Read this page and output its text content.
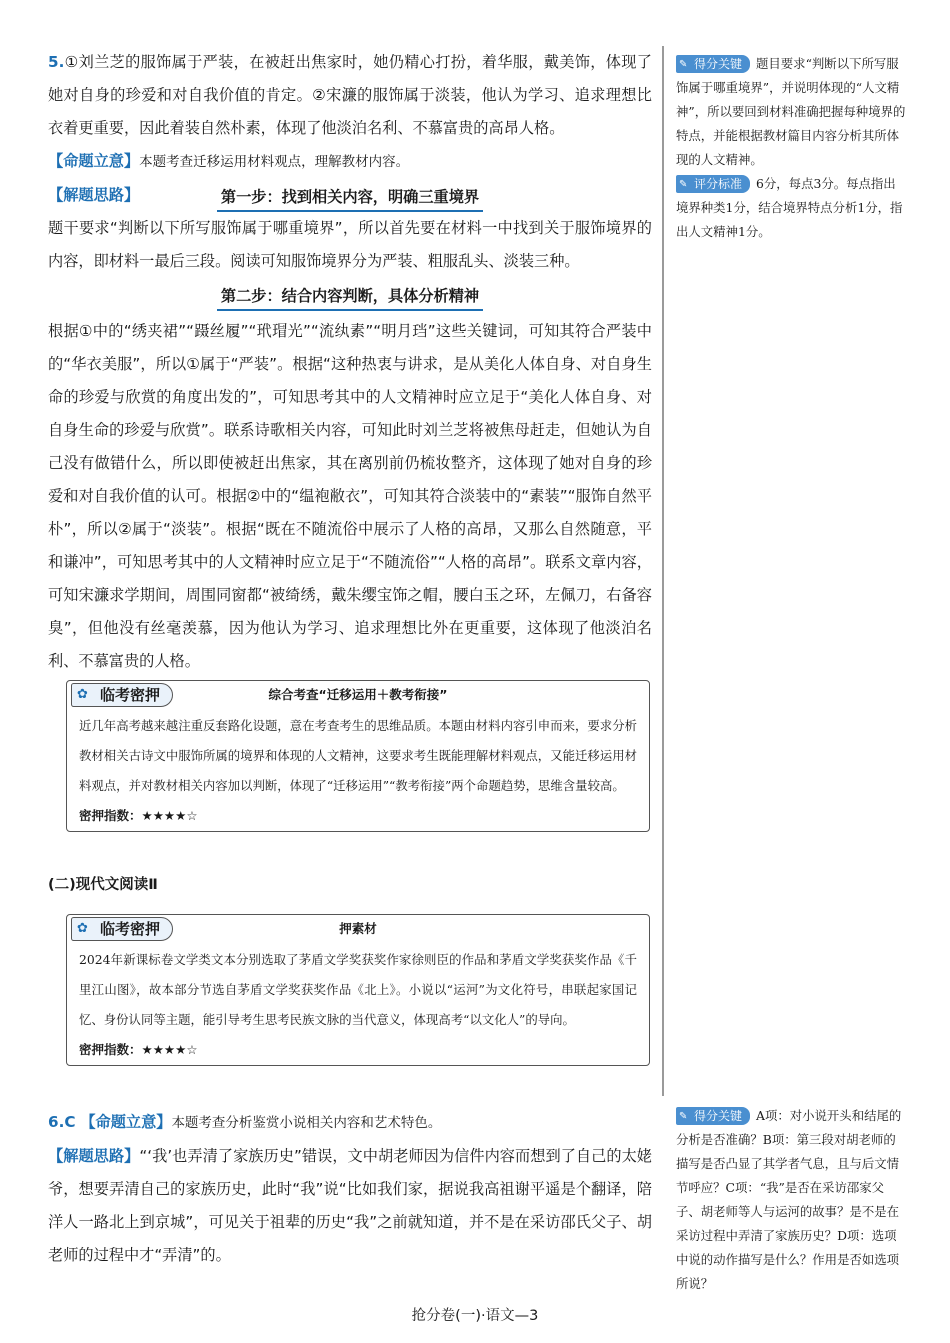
5.①刘兰芝的服饰属于严装，在被赶出焦家时，她仍精心打扮，着华服，戴美饰，体现了她对自身的珍爱和对自我价值的肯定。②宋濂的服饰属于淡装，他认为学习、追求理想比衣着更重要，因此着装自然朴素，体现了他淡泊名利、不慕富贵的高昂人格。

【命题立意】本题考查迁移运用材料观点，理解教材内容。

【解题思路】	第一步：找到相关内容，明确三重境界

题干要求“判断以下所写服饰属于哪重境界”，所以首先要在材料一中找到关于服饰境界的内容，即材料一最后三段。阅读可知服饰境界分为严装、粗服乱头、淡装三种。

第二步：结合内容判断，具体分析精神

根据①中的“绣夹裙”“蹑丝履”“玳瑁光”“流纨素”“明月珰”这些关键词，可知其符合严装中的“华衣美服”，所以①属于“严装”。根据“这种热衷与讲求，是从美化人体自身、对自身生命的珍爱与欣赏的角度出发的”，可知思考其中的人文精神时应立足于“美化人体自身、对自身生命的珍爱与欣赏”。联系诗歌相关内容，可知此时刘兰芝将被焦母赶走，但她认为自己没有做错什么，所以即使被赶出焦家，其在离别前仍梳妆整齐，这体现了她对自身的珍爱和对自我价值的认可。根据②中的“缊袍敝衣”，可知其符合淡装中的“素装”“服饰自然平朴”，所以②属于“淡装”。根据“既在不随流俗中展示了人格的高昂，又那么自然随意，平和谦冲”，可知思考其中的人文精神时应立足于“不随流俗”“人格的高昂”。联系文章内容，可知宋濂求学期间，周围同窗都“被绮绣，戴朱缨宝饰之帽，腰白玉之环，左佩刀，右备容臭”，但他没有丝毫羡慕，因为他认为学习、追求理想比外在更重要，这体现了他淡泊名利、不慕富贵的人格。

✎ 得分关键 题目要求“判断以下所写服饰属于哪重境界”，并说明体现的“人文精神”，所以要回到材料准确把握每种境界的特点，并能根据教材篇目内容分析其所体现的人文精神。

✎ 评分标准 6分，每点3分。每点指出境界种类1分，结合境界特点分析1分，指出人文精神1分。

✿ 临考密押	综合考查“迁移运用＋教考衔接”

近几年高考越来越注重反套路化设题，意在考查考生的思维品质。本题由材料内容引申而来，要求分析教材相关古诗文中服饰所属的境界和体现的人文精神，这要求考生既能理解材料观点，又能迁移运用材料观点，并对教材相关内容加以判断，体现了“迁移运用”“教考衔接”两个命题趋势，思维含量较高。

密押指数：★★★★☆
(二)现代文阅读Ⅱ
✿ 临考密押	押素材

2024年新课标卷文学类文本分别选取了茅盾文学奖获奖作家徐则臣的作品和茅盾文学奖获奖作品《千里江山图》，故本部分节选自茅盾文学奖获奖作品《北上》。小说以“运河”为文化符号，串联起家国记忆、身份认同等主题，能引导考生思考民族文脉的当代意义，体现高考“以文化人”的导向。

密押指数：★★★★☆

6.C 【命题立意】本题考查分析鉴赏小说相关内容和艺术特色。

【解题思路】“‘我’也弄清了家族历史”错误，文中胡老师因为信件内容而想到了自己的太姥爷，想要弄清自己的家族历史，此时“我”说“比如我们家，据说我高祖谢平遥是个翻译，陪洋人一路北上到京城”，可见关于祖辈的历史“我”之前就知道，并不是在采访邵氏父子、胡老师的过程中才“弄清”的。

✎ 得分关键 A项：对小说开头和结尾的分析是否准确？B项：第三段对胡老师的描写是否凸显了其学者气息，且与后文情节呼应？C项：“我”是否在采访邵家父子、胡老师等人与运河的故事？是不是在采访过程中弄清了家族历史？D项：选项中说的动作描写是什么？作用是否如选项所说？

抢分卷(一)·语文—3
